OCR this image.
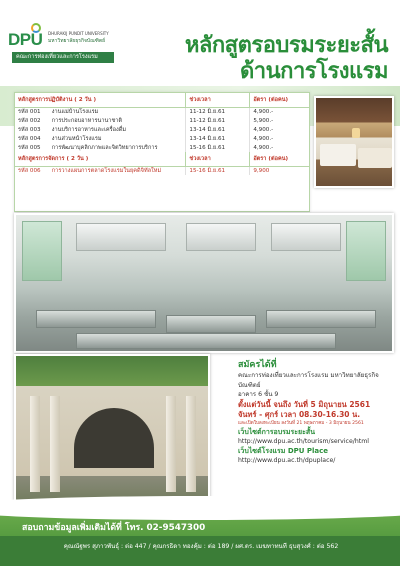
DPU DHURAKIJ PUNDIT UNIVERSITY
มหาวิทยาลัยธุรกิจบัณฑิตย์
คณะการท่องเที่ยวและการโรงแรม	หลักสูตรอบรมระยะสั้น
ด้านการโรงแรม
หลักสูตรการปฏิบัติงาน ( 2 วัน )		ช่วงเวลา	อัตรา (ต่อคน)
รหัส 001	งานแม่บ้านโรงแรม	11-12 มิ.ย.61	4,900.-
รหัส 002	การประกอบอาหารนานาชาติ	11-12 มิ.ย.61	5,900.-
รหัส 003	งานบริการอาหารและเครื่องดื่ม	13-14 มิ.ย.61	4,900.-
รหัส 004	งานส่วนหน้าโรงแรม	13-14 มิ.ย.61	4,900.-
รหัส 005	การพัฒนาบุคลิกภาพและจิตวิทยาการบริการ	15-16 มิ.ย.61	4,900.-
หลักสูตรการจัดการ ( 2 วัน )		ช่วงเวลา	อัตรา (ต่อคน)
รหัส 006	การวางแผนการตลาดโรงแรมในยุคดิจิทัลใหม่	15-16 มิ.ย.61	9,900
สมัครได้ที่
คณะการท่องเที่ยวและการโรงแรม มหาวิทยาลัยธุรกิจบัณฑิตย์
อาคาร 6 ชั้น 9
ตั้งแต่วันนี้ จนถึง วันที่ 5 มิถุนายน 2561
จันทร์ - ศุกร์ เวลา 08.30-16.30 น.
และเปิดใบลงทะเบียน ลงวันที่ 21 พฤษภาคม - 3 มิถุนายน 2561
เว็บไซต์การอบรมระยะสั้น
http://www.dpu.ac.th/tourism/service/html
เว็บไซต์โรงแรม DPU Place
http://www.dpu.ac.th/dpuplace/
สอบถามข้อมูลเพิ่มเติมได้ที่ โทร. 02-9547300
คุณณัฐพร สุภาวพันธุ์ : ต่อ 447 / คุณกรธิดา ทองคุ้ม : ต่อ 189 / ผศ.ดร. เมฆทาทนที ธุบสุวงศ์ : ต่อ 562
